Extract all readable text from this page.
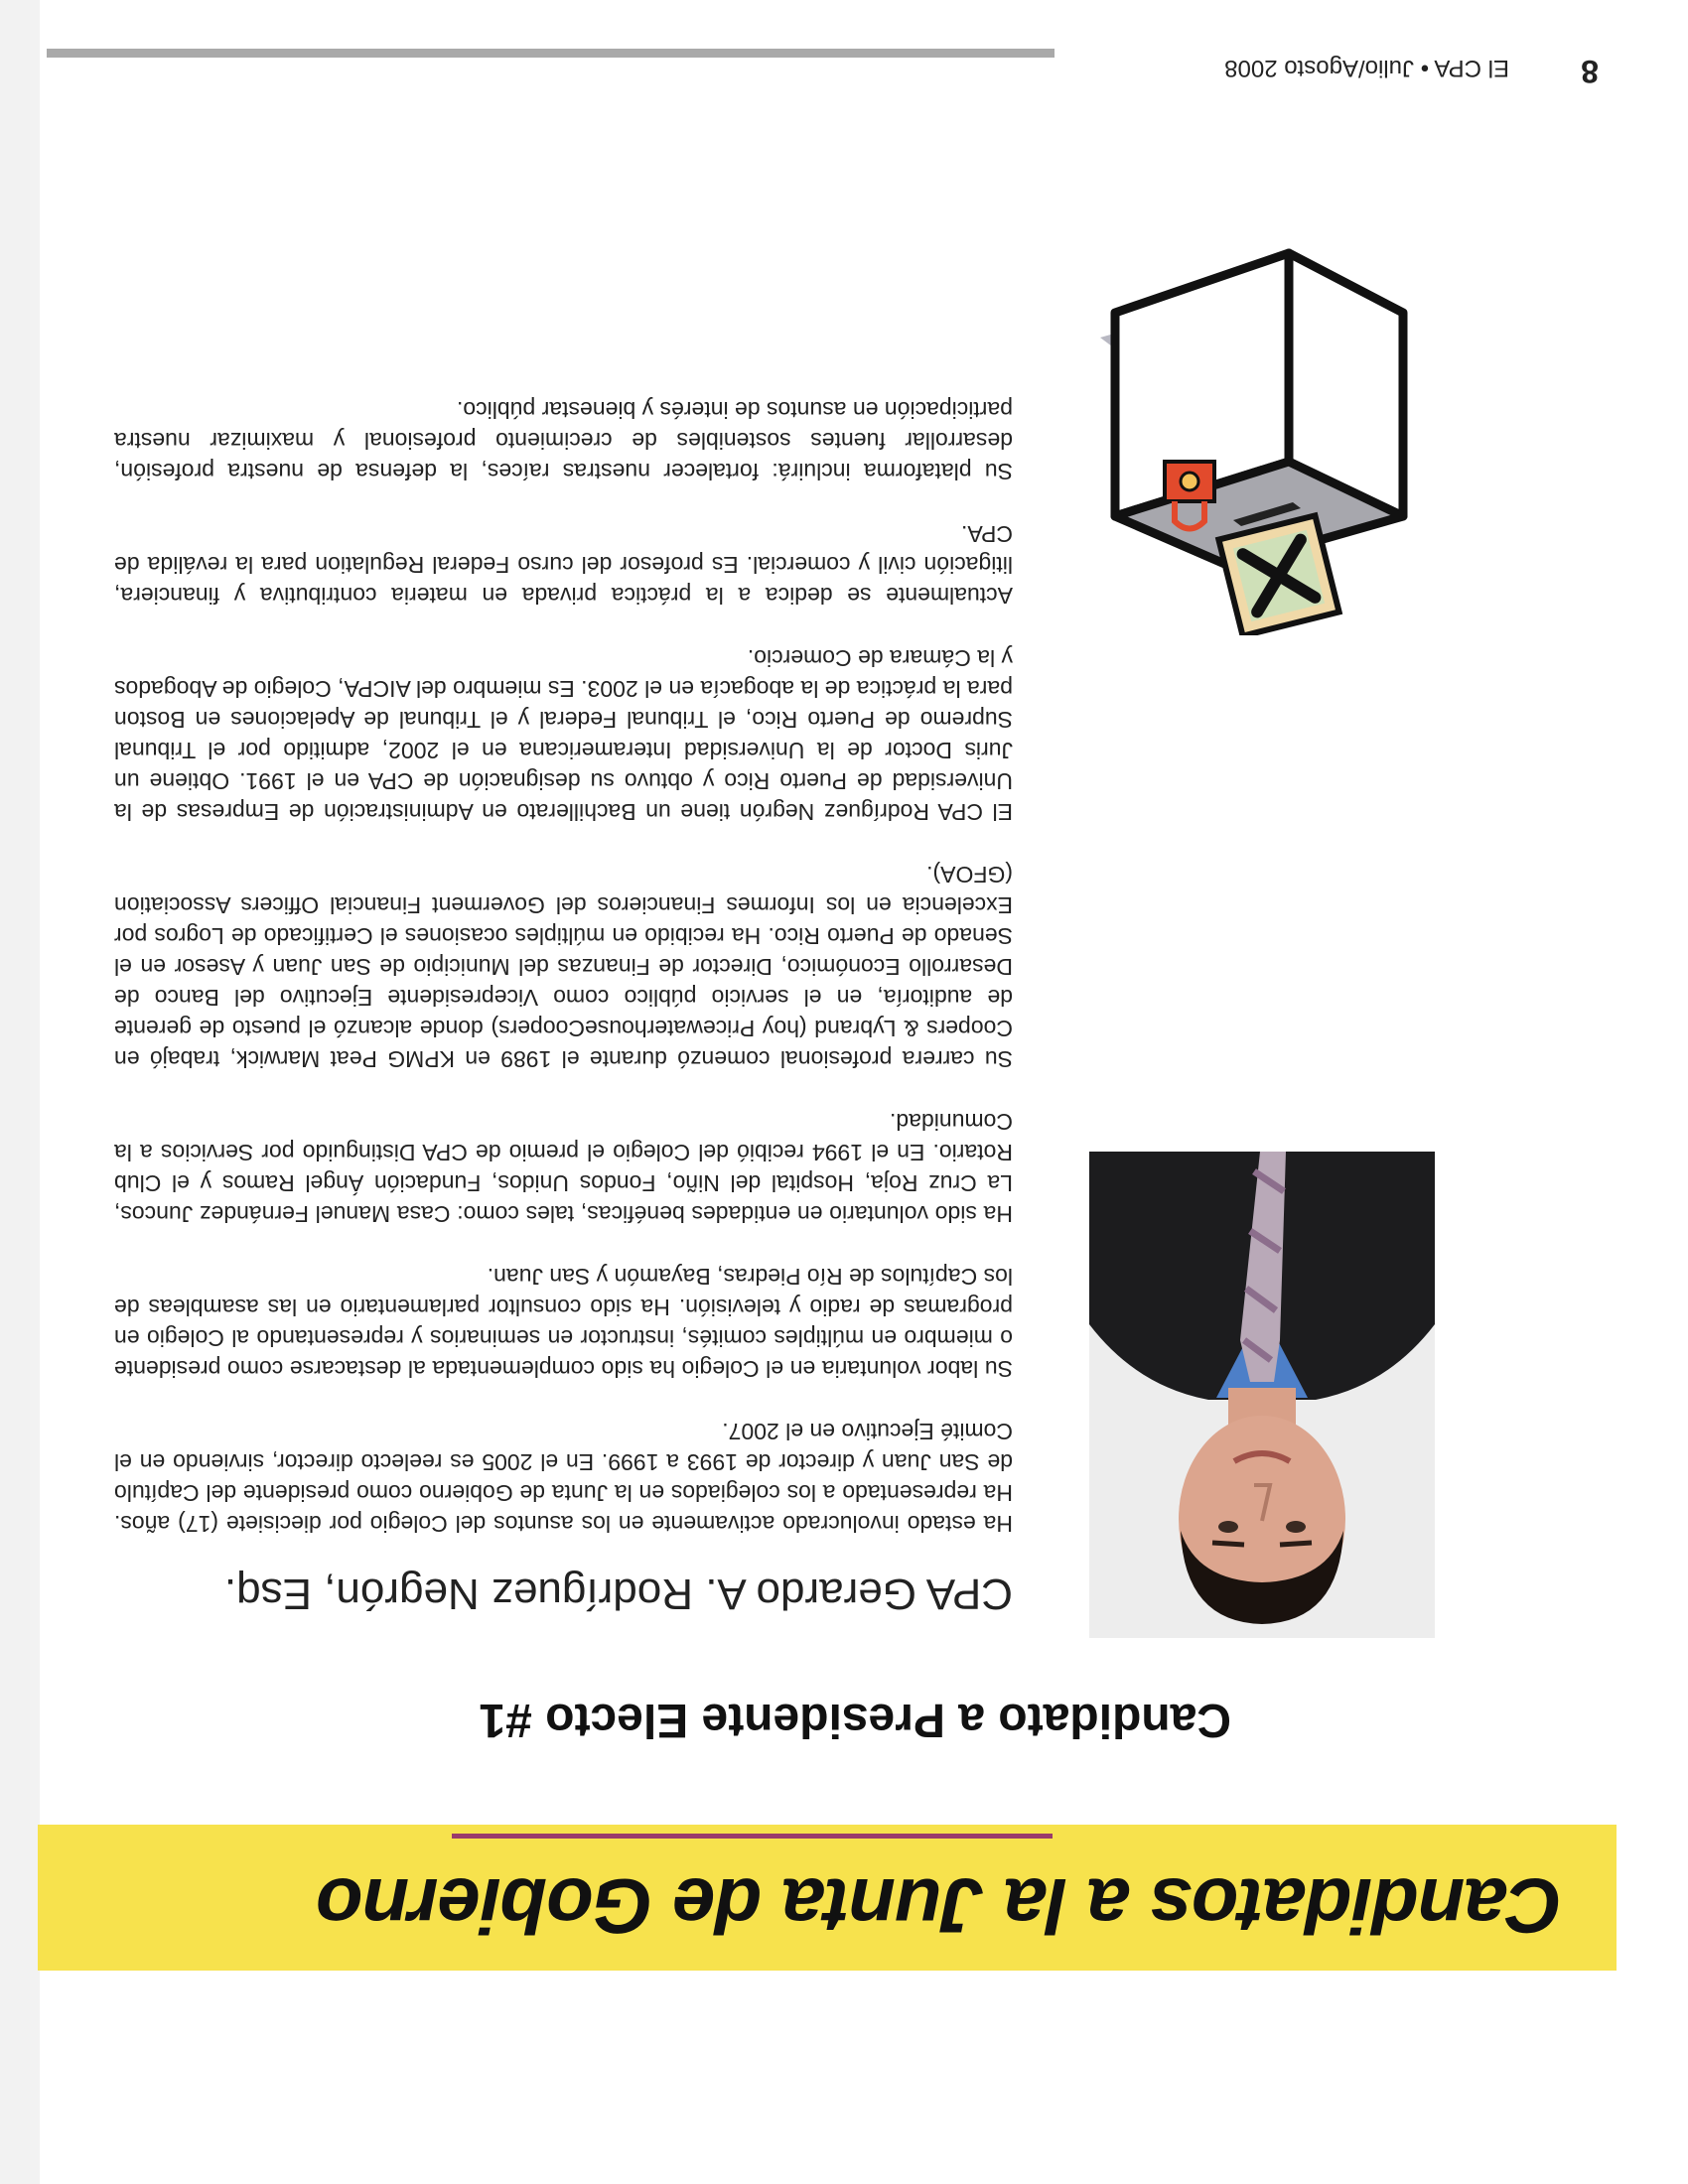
Candidatos a la Junta de Gobierno
Candidato a Presidente Electo #1
CPA Gerardo A. Rodríguez Negrón, Esq.

Ha estado involucrado activamente en los asuntos del Colegio por diecisiete (17) años. Ha representado a los colegiados en la Junta de Gobierno como presidente del Capítulo de San Juan y director de 1993 a 1999. En el 2005 es reelecto director, sirviendo en el Comité Ejecutivo en el 2007.

Su labor voluntaria en el Colegio ha sido complementada al destacarse como presidente o miembro en múltiples comités, instructor en seminarios y representando al Colegio en programas de radio y televisión. Ha sido consultor parlamentario en las asambleas de los Capítulos de Río Piedras, Bayamón y San Juan.

Ha sido voluntario en entidades benéficas, tales como: Casa Manuel Fernández Juncos, La Cruz Roja, Hospital del Niño, Fondos Unidos, Fundación Ángel Ramos y el Club Rotario. En el 1994 recibió del Colegio el premio de CPA Distinguido por Servicios a la Comunidad.

Su carrera profesional comenzó durante el 1989 en KPMG Peat Marwick, trabajó en Coopers & Lybrand (hoy PricewaterhouseCoopers) donde alcanzó el puesto de gerente de auditoría, en el servicio público como Vicepresidente Ejecutivo del Banco de Desarrollo Económico, Director de Finanzas del Municipio de San Juan y Asesor en el Senado de Puerto Rico. Ha recibido en múltiples ocasiones el Certificado de Logros por Excelencia en los Informes Financieros del Goverment Financial Officers Association (GFOA).

El CPA Rodríguez Negrón tiene un Bachillerato en Administración de Empresas de la Universidad de Puerto Rico y obtuvo su designación de CPA en el 1991. Obtiene un Juris Doctor de la Universidad Interamericana en el 2002, admitido por el Tribunal Supremo de Puerto Rico, el Tribunal Federal y el Tribunal de Apelaciones en Boston para la práctica de la abogacía en el 2003. Es miembro del AICPA, Colegio de Abogados y la Cámara de Comercio.

Actualmente se dedica a la práctica privada en materia contributiva y financiera, litigación civil y comercial. Es profesor del curso Federal Regulation para la reválida de CPA.

Su plataforma incluirá: fortalecer nuestras raíces, la defensa de nuestra profesión, desarrollar fuentes sostenibles de crecimiento profesional y maximizar nuestra participación en asuntos de interés y bienestar público.

8
El CPA • Julio/Agosto 2008
